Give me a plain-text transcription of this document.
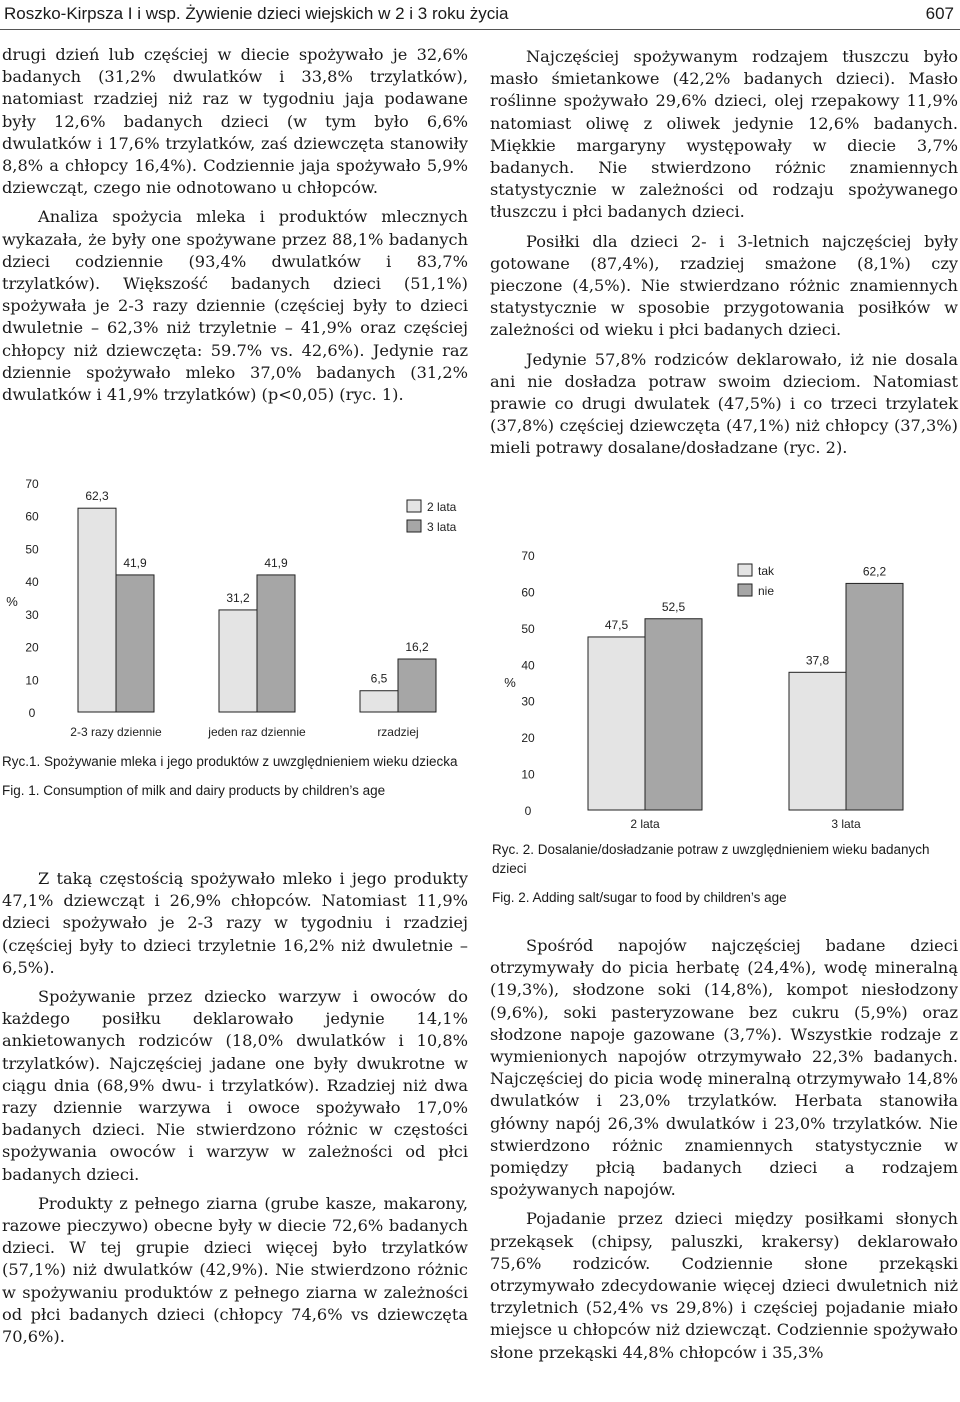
Roszko-Kirpsza I i wsp. Żywienie dzieci wiejskich w 2 i 3 roku życia	607

drugi dzień lub częściej w diecie spożywało je 32,6% badanych (31,2% dwulatków i 33,8% trzylatków), natomiast rzadziej niż raz w tygodniu jaja podawane były 12,6% badanych dzieci (w tym było 6,6% dwulatków i 17,6% trzylatków, zaś dziewczęta stanowiły 8,8% a chłopcy 16,4%). Codziennie jaja spożywało 5,9% dziewcząt, czego nie odnotowano u chłopców.

Analiza spożycia mleka i produktów mlecznych wykazała, że były one spożywane przez 88,1% badanych dzieci codziennie (93,4% dwulatków i 83,7% trzylatków). Większość badanych dzieci (51,1%) spożywała je 2-3 razy dziennie (częściej były to dzieci dwuletnie – 62,3% niż trzyletnie – 41,9% oraz częściej chłopcy niż dziewczęta: 59.7% vs. 42,6%). Jedynie raz dziennie spożywało mleko 37,0% badanych (31,2% dwulatków i 41,9% trzylatków) (p<0,05) (ryc. 1).

Najczęściej spożywanym rodzajem tłuszczu było masło śmietankowe (42,2% badanych dzieci). Masło roślinne spożywało 29,6% dzieci, olej rzepakowy 11,9% natomiast oliwę z oliwek jedynie 12,6% badanych. Miękkie margaryny występowały w diecie 3,7% badanych. Nie stwierdzono różnic znamiennych statystycznie w zależności od rodzaju spożywanego tłuszczu i płci badanych dzieci.

Posiłki dla dzieci 2- i 3-letnich najczęściej były gotowane (87,4%), rzadziej smażone (8,1%) czy pieczone (4,5%). Nie stwierdzano różnic znamiennych statystycznie w sposobie przygotowania posiłków w zależności od wieku i płci badanych dzieci.

Jedynie 57,8% rodziców deklarowało, iż nie dosala ani nie dosładza potraw swoim dzieciom. Natomiast prawie co drugi dwulatek (47,5%) i co trzeci trzylatek (37,8%) częściej dziewczęta (47,1%) niż chłopcy (37,3%) mieli potrawy dosalane/dosładzane (ryc. 2).

0
10
20
30
40
50
60
70
%
62,3
41,9
2-3 razy dziennie
31,2
41,9
jeden raz dziennie
6,5
16,2
rzadziej
2 lata
3 lata
Ryc.1. Spożywanie mleka i jego produktów z uwzględnieniem wieku dziecka
Fig. 1. Consumption of milk and dairy products by children’s age
0
10
20
30
40
50
60
70
%
47,5
52,5
2 lata
37,8
62,2
3 lata
tak
nie
Ryc. 2. Dosalanie/dosładzanie potraw z uwzględnieniem wieku badanych dzieci
Fig. 2. Adding salt/sugar to food by children’s age

Z taką częstością spożywało mleko i jego produkty 47,1% dziewcząt i 26,9% chłopców. Natomiast 11,9% dzieci spożywało je 2-3 razy w tygodniu i rzadziej (częściej były to dzieci trzyletnie 16,2% niż dwuletnie – 6,5%).

Spożywanie przez dziecko warzyw i owoców do każdego posiłku deklarowało jedynie 14,1% ankietowanych rodziców (18,0% dwulatków i 10,8% trzylatków). Najczęściej jadane one były dwukrotne w ciągu dnia (68,9% dwu- i trzylatków). Rzadziej niż dwa razy dziennie warzywa i owoce spożywało 17,0% badanych dzieci. Nie stwierdzono różnic w częstości spożywania owoców i warzyw w zależności od płci badanych dzieci.

Produkty z pełnego ziarna (grube kasze, makarony, razowe pieczywo) obecne były w diecie 72,6% badanych dzieci. W tej grupie dzieci więcej było trzylatków (57,1%) niż dwulatków (42,9%). Nie stwierdzono różnic w spożywaniu produktów z pełnego ziarna w zależności od płci badanych dzieci (chłopcy 74,6% vs dziewczęta 70,6%).

Spośród napojów najczęściej badane dzieci otrzymywały do picia herbatę (24,4%), wodę mineralną (19,3%), słodzone soki (14,8%), kompot niesłodzony (9,6%), soki pasteryzowane bez cukru (5,9%) oraz słodzone napoje gazowane (3,7%). Wszystkie rodzaje z wymienionych napojów otrzymywało 22,3% badanych. Najczęściej do picia wodę mineralną otrzymywało 14,8% dwulatków i 23,0% trzylatków. Herbata stanowiła główny napój 26,3% dwulatków i 23,0% trzylatków. Nie stwierdzono różnic znamiennych statystycznie w pomiędzy płcią badanych dzieci a rodzajem spożywanych napojów.

Pojadanie przez dzieci między posiłkami słonych przekąsek (chipsy, paluszki, krakersy) deklarowało 75,6% rodziców. Codziennie słone przekąski otrzymywało zdecydowanie więcej dzieci dwuletnich niż trzyletnich (52,4% vs 29,8%) i częściej pojadanie miało miejsce u chłopców niż dziewcząt. Codziennie spożywało słone przekąski 44,8% chłopców i 35,3%
